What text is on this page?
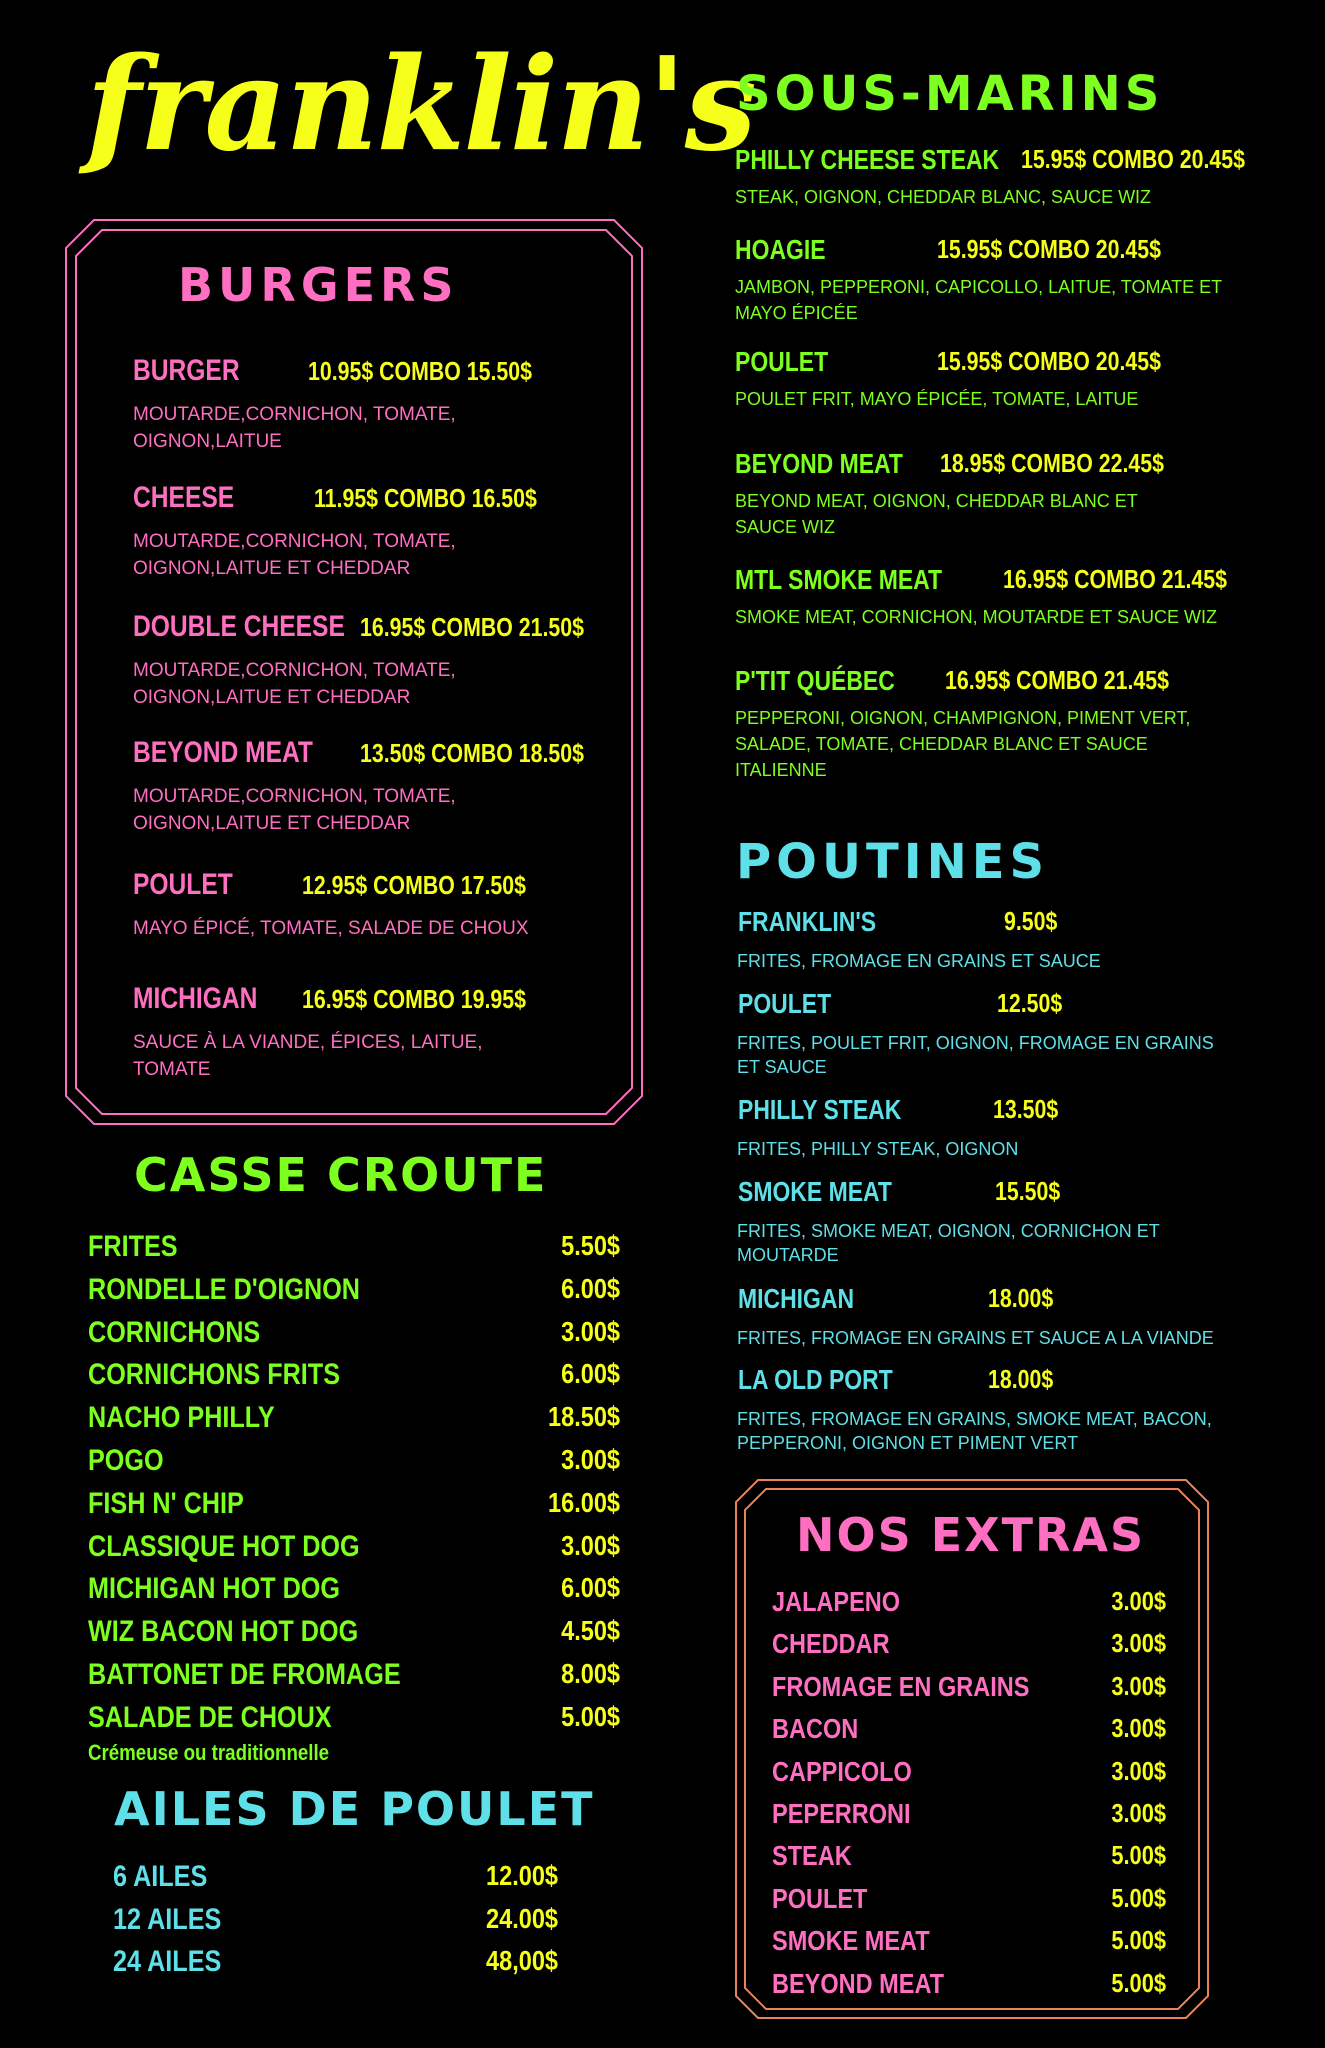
franklin's
BURGERS
BURGER	10.95$ COMBO 15.50$
MOUTARDE,CORNICHON, TOMATE,
OIGNON,LAITUE
CHEESE	11.95$ COMBO 16.50$
MOUTARDE,CORNICHON, TOMATE,
OIGNON,LAITUE ET CHEDDAR
DOUBLE CHEESE 16.95$ COMBO 21.50$
MOUTARDE,CORNICHON, TOMATE,
OIGNON,LAITUE ET CHEDDAR
BEYOND MEAT 13.50$ COMBO 18.50$
MOUTARDE,CORNICHON, TOMATE,
OIGNON,LAITUE ET CHEDDAR
POULET	12.95$ COMBO 17.50$
MAYO ÉPICÉ, TOMATE, SALADE DE CHOUX
MICHIGAN 16.95$ COMBO 19.95$
SAUCE À LA VIANDE, ÉPICES, LAITUE,
TOMATE
CASSE CROUTE
FRITES	5.50$
RONDELLE D'OIGNON	6.00$
CORNICHONS	3.00$
CORNICHONS FRITS	6.00$
NACHO PHILLY	18.50$
POGO	3.00$
FISH N' CHIP	16.00$
CLASSIQUE HOT DOG	3.00$
MICHIGAN HOT DOG	6.00$
WIZ BACON HOT DOG	4.50$
BATTONET DE FROMAGE	8.00$
SALADE DE CHOUX	5.00$
Crémeuse ou traditionnelle
AILES DE POULET
6 AILES	12.00$
12 AILES	24.00$
24 AILES	48,00$
SOUS-MARINS
PHILLY CHEESE STEAK 15.95$ COMBO 20.45$
STEAK, OIGNON, CHEDDAR BLANC, SAUCE WIZ
HOAGIE	15.95$ COMBO 20.45$
JAMBON, PEPPERONI, CAPICOLLO, LAITUE, TOMATE ET
MAYO ÉPICÉE
POULET	15.95$ COMBO 20.45$
POULET FRIT, MAYO ÉPICÉE, TOMATE, LAITUE
BEYOND MEAT 18.95$ COMBO 22.45$
BEYOND MEAT, OIGNON, CHEDDAR BLANC ET
SAUCE WIZ
MTL SMOKE MEAT 16.95$ COMBO 21.45$
SMOKE MEAT, CORNICHON, MOUTARDE ET SAUCE WIZ
P'TIT QUÉBEC 16.95$ COMBO 21.45$
PEPPERONI, OIGNON, CHAMPIGNON, PIMENT VERT,
SALADE, TOMATE, CHEDDAR BLANC ET SAUCE
ITALIENNE
POUTINES
FRANKLIN'S	9.50$
FRITES, FROMAGE EN GRAINS ET SAUCE
POULET	12.50$
FRITES, POULET FRIT, OIGNON, FROMAGE EN GRAINS
ET SAUCE
PHILLY STEAK	13.50$
FRITES, PHILLY STEAK, OIGNON
SMOKE MEAT	15.50$
FRITES, SMOKE MEAT, OIGNON, CORNICHON ET
MOUTARDE
MICHIGAN	18.00$
FRITES, FROMAGE EN GRAINS ET SAUCE A LA VIANDE
LA OLD PORT	18.00$
FRITES, FROMAGE EN GRAINS, SMOKE MEAT, BACON,
PEPPERONI, OIGNON ET PIMENT VERT
NOS EXTRAS
JALAPENO	3.00$
CHEDDAR	3.00$
FROMAGE EN GRAINS	3.00$
BACON	3.00$
CAPPICOLO	3.00$
PEPERRONI	3.00$
STEAK	5.00$
POULET	5.00$
SMOKE MEAT	5.00$
BEYOND MEAT	5.00$
